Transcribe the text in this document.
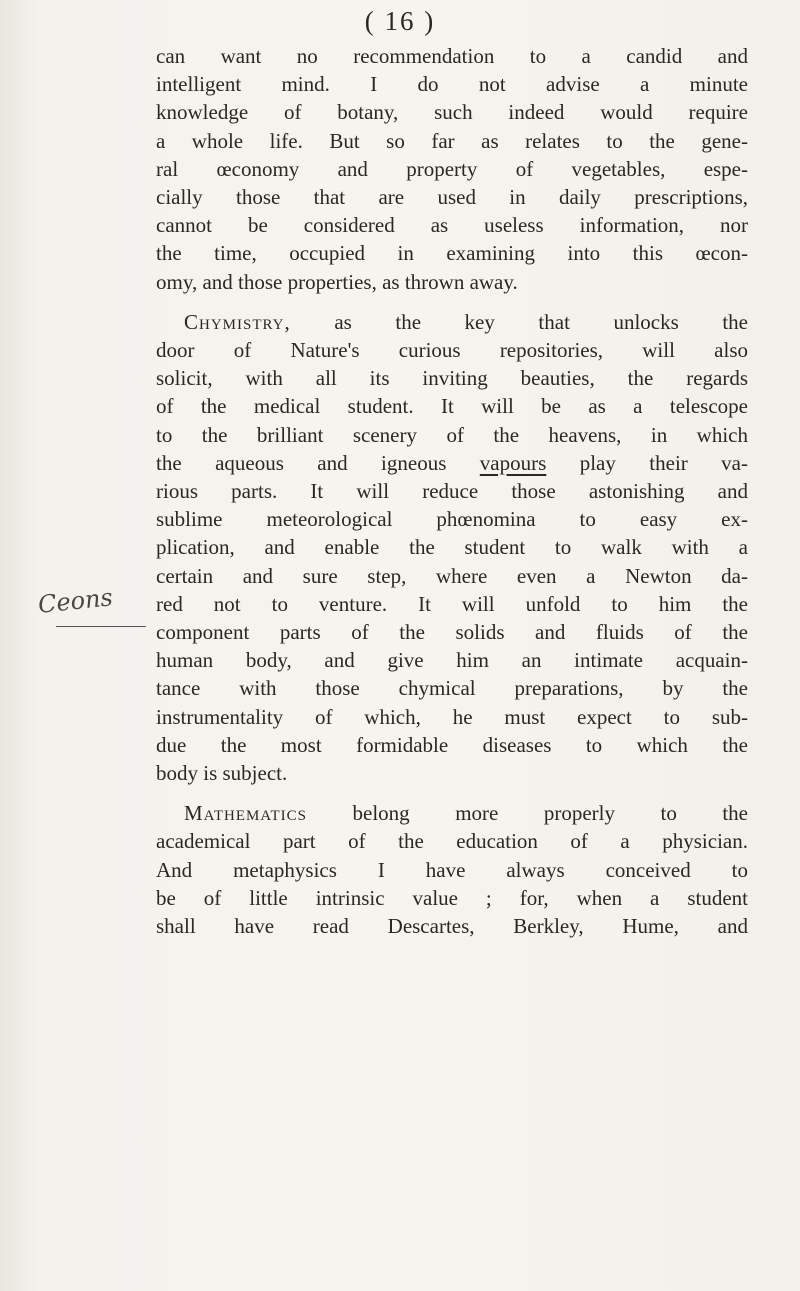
( 16 )
Ceons
can want no recommendation to a candid and
intelligent mind. I do not advise a minute
knowledge of botany, such indeed would require
a whole life. But so far as relates to the gene-
ral œconomy and property of vegetables, espe-
cially those that are used in daily prescriptions,
cannot be considered as useless information, nor
the time, occupied in examining into this œcon-
omy, and those properties, as thrown away.
Chymistry, as the key that unlocks the
door of Nature's curious repositories, will also
solicit, with all its inviting beauties, the regards
of the medical student. It will be as a telescope
to the brilliant scenery of the heavens, in which
the aqueous and igneous vapours play their va-
rious parts. It will reduce those astonishing and
sublime meteorological phœnomina to easy ex-
plication, and enable the student to walk with a
certain and sure step, where even a Newton da-
red not to venture. It will unfold to him the
component parts of the solids and fluids of the
human body, and give him an intimate acquain-
tance with those chymical preparations, by the
instrumentality of which, he must expect to sub-
due the most formidable diseases to which the
body is subject.
Mathematics belong more properly to the
academical part of the education of a physician.
And metaphysics I have always conceived to
be of little intrinsic value ; for, when a student
shall have read Descartes, Berkley, Hume, and
